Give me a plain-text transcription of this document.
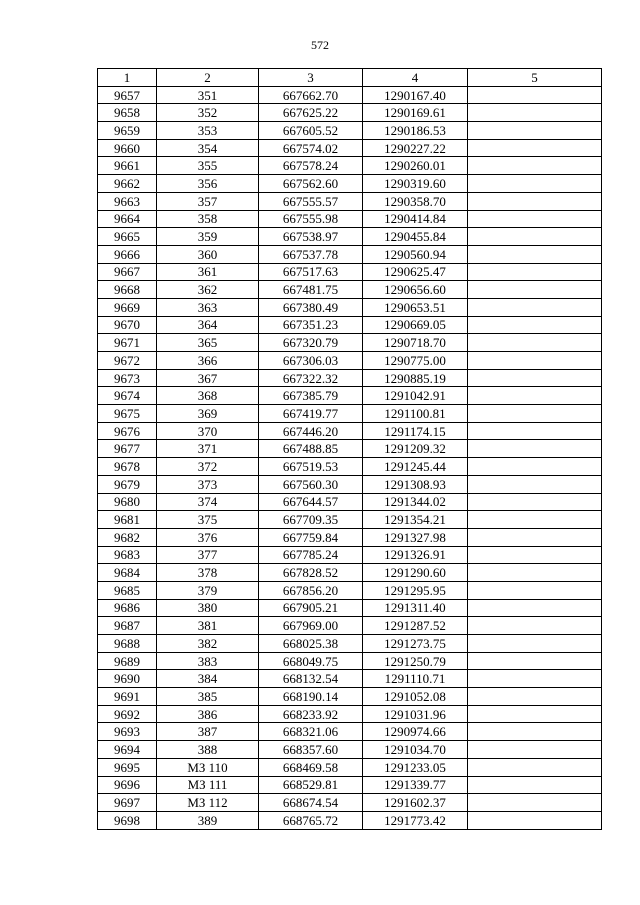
572
1	2	3	4	5
9657	351	667662.70	1290167.40	
9658	352	667625.22	1290169.61	
9659	353	667605.52	1290186.53	
9660	354	667574.02	1290227.22	
9661	355	667578.24	1290260.01	
9662	356	667562.60	1290319.60	
9663	357	667555.57	1290358.70	
9664	358	667555.98	1290414.84	
9665	359	667538.97	1290455.84	
9666	360	667537.78	1290560.94	
9667	361	667517.63	1290625.47	
9668	362	667481.75	1290656.60	
9669	363	667380.49	1290653.51	
9670	364	667351.23	1290669.05	
9671	365	667320.79	1290718.70	
9672	366	667306.03	1290775.00	
9673	367	667322.32	1290885.19	
9674	368	667385.79	1291042.91	
9675	369	667419.77	1291100.81	
9676	370	667446.20	1291174.15	
9677	371	667488.85	1291209.32	
9678	372	667519.53	1291245.44	
9679	373	667560.30	1291308.93	
9680	374	667644.57	1291344.02	
9681	375	667709.35	1291354.21	
9682	376	667759.84	1291327.98	
9683	377	667785.24	1291326.91	
9684	378	667828.52	1291290.60	
9685	379	667856.20	1291295.95	
9686	380	667905.21	1291311.40	
9687	381	667969.00	1291287.52	
9688	382	668025.38	1291273.75	
9689	383	668049.75	1291250.79	
9690	384	668132.54	1291110.71	
9691	385	668190.14	1291052.08	
9692	386	668233.92	1291031.96	
9693	387	668321.06	1290974.66	
9694	388	668357.60	1291034.70	
9695	МЗ 110	668469.58	1291233.05	
9696	МЗ 111	668529.81	1291339.77	
9697	МЗ 112	668674.54	1291602.37	
9698	389	668765.72	1291773.42	
